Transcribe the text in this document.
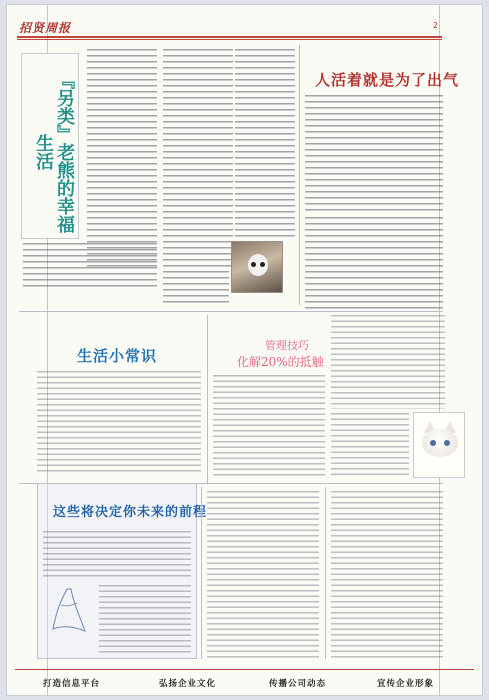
招贤周报	2
『另类』老熊的幸福生活
人活着就是为了出气
生活小常识
管理技巧
化解20%的抵触
这些将决定你未来的前程
打造信息平台	弘扬企业文化	传播公司动态	宣传企业形象
